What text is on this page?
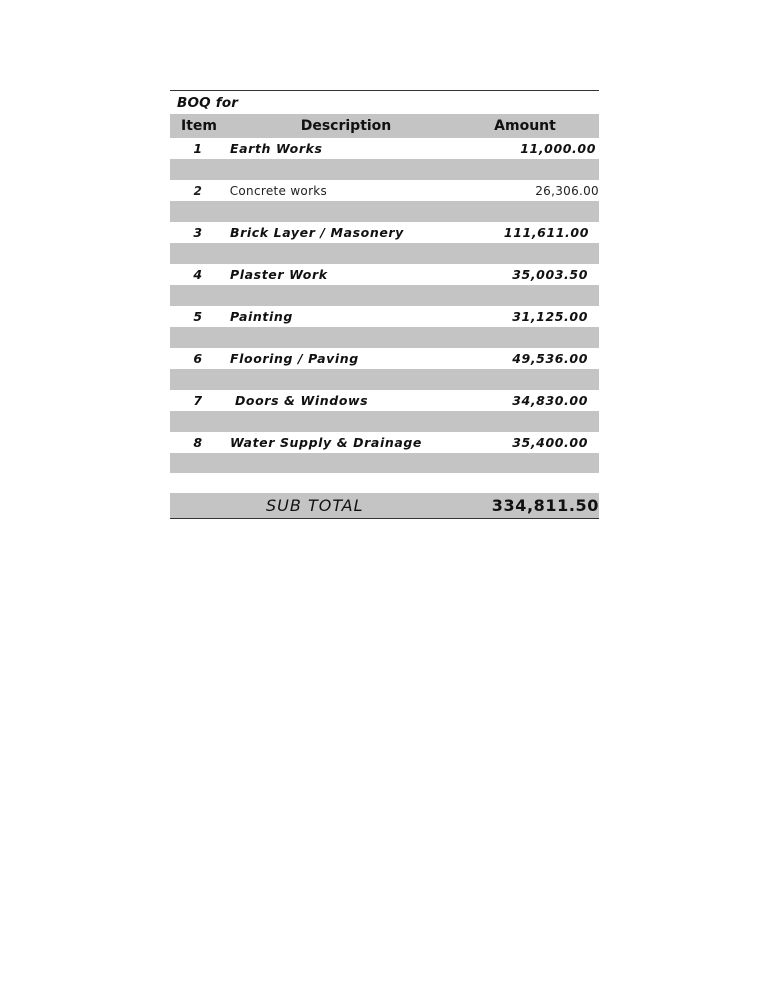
BOQ for
Item	Description	Amount
1	Earth Works	11,000.00
2	Concrete works	26,306.00
3	Brick Layer / Masonery	111,611.00
4	Plaster Work	35,003.50
5	Painting	31,125.00
6	Flooring / Paving	49,536.00
7	Doors & Windows	34,830.00
8	Water Supply & Drainage	35,400.00
SUB TOTAL	334,811.50
